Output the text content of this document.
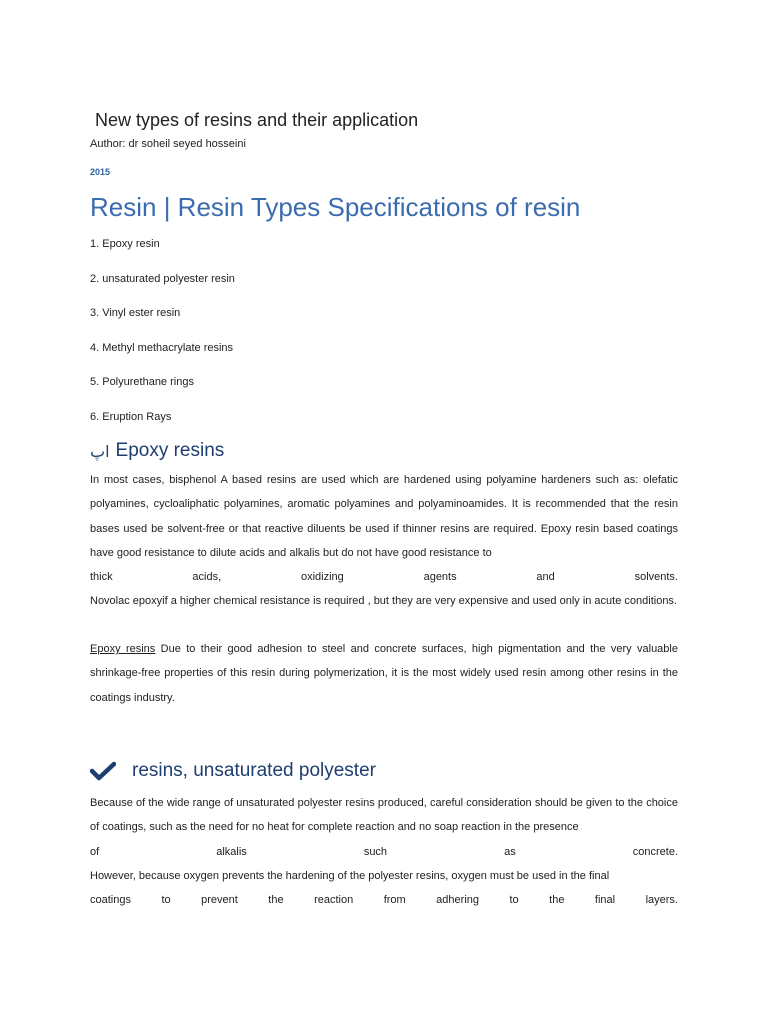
New types of resins and their application
Author: dr soheil seyed hosseini
2015
Resin | Resin Types Specifications of resin
1. Epoxy resin
2. unsaturated polyester resin
3. Vinyl ester resin
4. Methyl methacrylate resins
5. Polyurethane rings
6. Eruption Rays
اپ Epoxy resins
In most cases, bisphenol A based resins are used which are hardened using polyamine hardeners such as: olefatic polyamines, cycloaliphatic polyamines, aromatic polyamines and polyaminoamides. It is recommended that the resin bases used be solvent-free or that reactive diluents be used if thinner resins are required. Epoxy resin based coatings have good resistance to dilute acids and alkalis but do not have good resistance to
thick acids, oxidizing agents and solvents.
Novolac epoxyif a higher chemical resistance is required , but they are very expensive and used only in acute conditions.
Epoxy resins Due to their good adhesion to steel and concrete surfaces, high pigmentation and the very valuable shrinkage-free properties of this resin during polymerization, it is the most widely used resin among other resins in the coatings industry.
resins, unsaturated polyester
Because of the wide range of unsaturated polyester resins produced, careful consideration should be given to the choice of coatings, such as the need for no heat for complete reaction and no soap reaction in the presence
of alkalis such as concrete.
However, because oxygen prevents the hardening of the polyester resins, oxygen must be used in the final
coatings to prevent the reaction from adhering to the final layers.
